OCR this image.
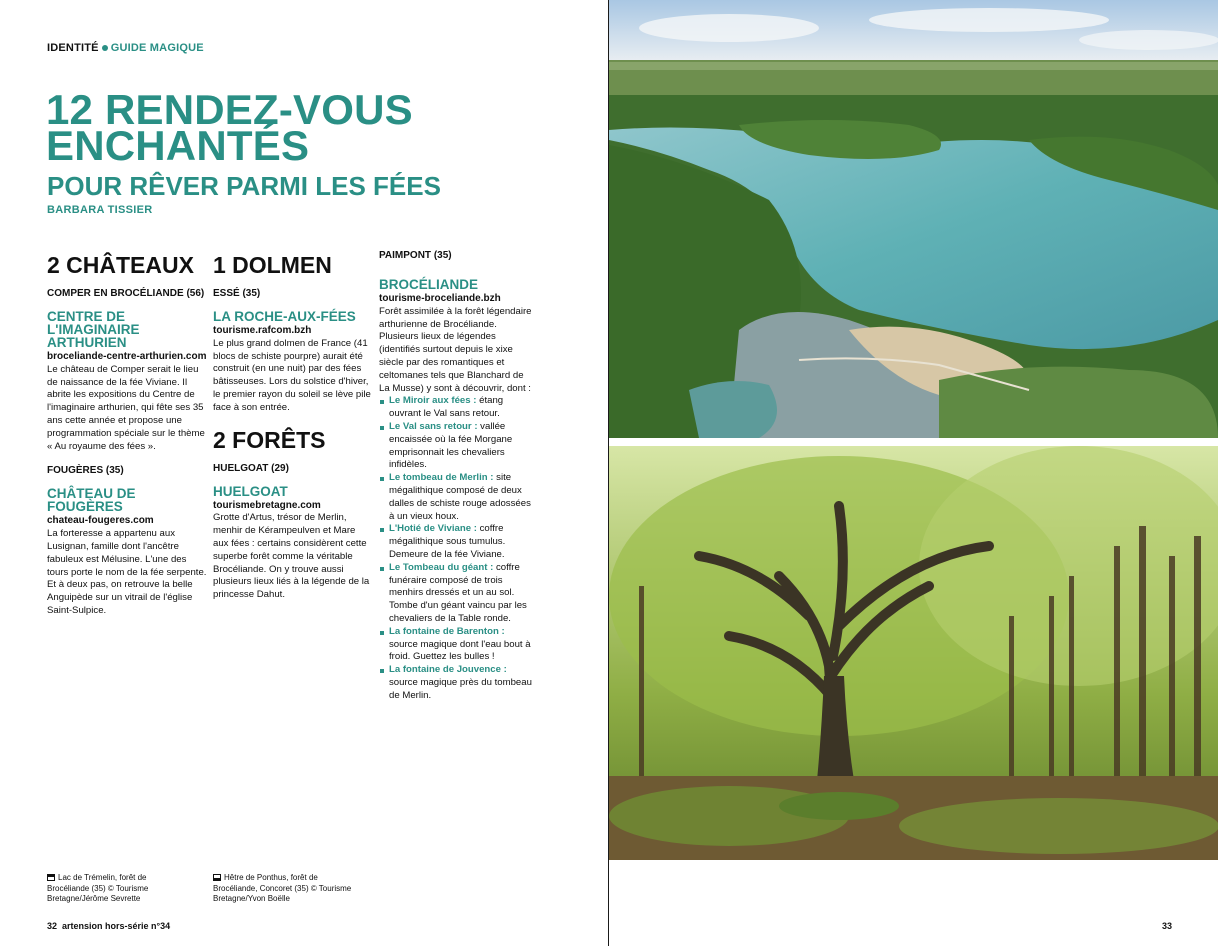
IDENTITÉ GUIDE MAGIQUE
12 RENDEZ-VOUS
ENCHANTÉS
POUR RÊVER PARMI LES FÉES
BARBARA TISSIER
2 CHÂTEAUX
COMPER EN BROCÉLIANDE (56)
CENTRE DE L'IMAGINAIRE ARTHURIEN
broceliande-centre-arthurien.com
Le château de Comper serait le lieu de naissance de la fée Viviane. Il abrite les expositions du Centre de l'imaginaire arthurien, qui fête ses 35 ans cette année et propose une programmation spéciale sur le thème « Au royaume des fées ».
FOUGÈRES (35)
CHÂTEAU DE FOUGÈRES
chateau-fougeres.com
La forteresse a appartenu aux Lusignan, famille dont l'ancêtre fabuleux est Mélusine. L'une des tours porte le nom de la fée serpente. Et à deux pas, on retrouve la belle Anguipède sur un vitrail de l'église Saint-Sulpice.
1 DOLMEN
ESSÉ (35)
LA ROCHE-AUX-FÉES
tourisme.rafcom.bzh
Le plus grand dolmen de France (41 blocs de schiste pourpre) aurait été construit (en une nuit) par des fées bâtisseuses. Lors du solstice d'hiver, le premier rayon du soleil se lève pile face à son entrée.
2 FORÊTS
HUELGOAT (29)
HUELGOAT
tourismebretagne.com
Grotte d'Artus, trésor de Merlin, menhir de Kérampeulven et Mare aux fées : certains considèrent cette superbe forêt comme la véritable Brocéliande. On y trouve aussi plusieurs lieux liés à la légende de la princesse Dahut.
PAIMPONT (35)
BROCÉLIANDE
tourisme-broceliande.bzh
Forêt assimilée à la forêt légendaire arthurienne de Brocéliande. Plusieurs lieux de légendes (identifiés surtout depuis le xixe siècle par des romantiques et celtomanes tels que Blanchard de La Musse) y sont à découvrir, dont :
Le Miroir aux fées : étang ouvrant le Val sans retour.
Le Val sans retour : vallée encaissée où la fée Morgane emprisonnait les chevaliers infidèles.
Le tombeau de Merlin : site mégalithique composé de deux dalles de schiste rouge adossées à un vieux houx.
L'Hotié de Viviane : coffre mégalithique sous tumulus. Demeure de la fée Viviane.
Le Tombeau du géant : coffre funéraire composé de trois menhirs dressés et un au sol. Tombe d'un géant vaincu par les chevaliers de la Table ronde.
La fontaine de Barenton : source magique dont l'eau bout à froid. Guettez les bulles !
La fontaine de Jouvence : source magique près du tombeau de Merlin.
Lac de Trémelin, forêt de Brocéliande (35) © Tourisme Bretagne/Jérôme Sevrette
Hêtre de Ponthus, forêt de Brocéliande, Concoret (35) © Tourisme Bretagne/Yvon Boëlle
32 artension hors-série n°34	33
